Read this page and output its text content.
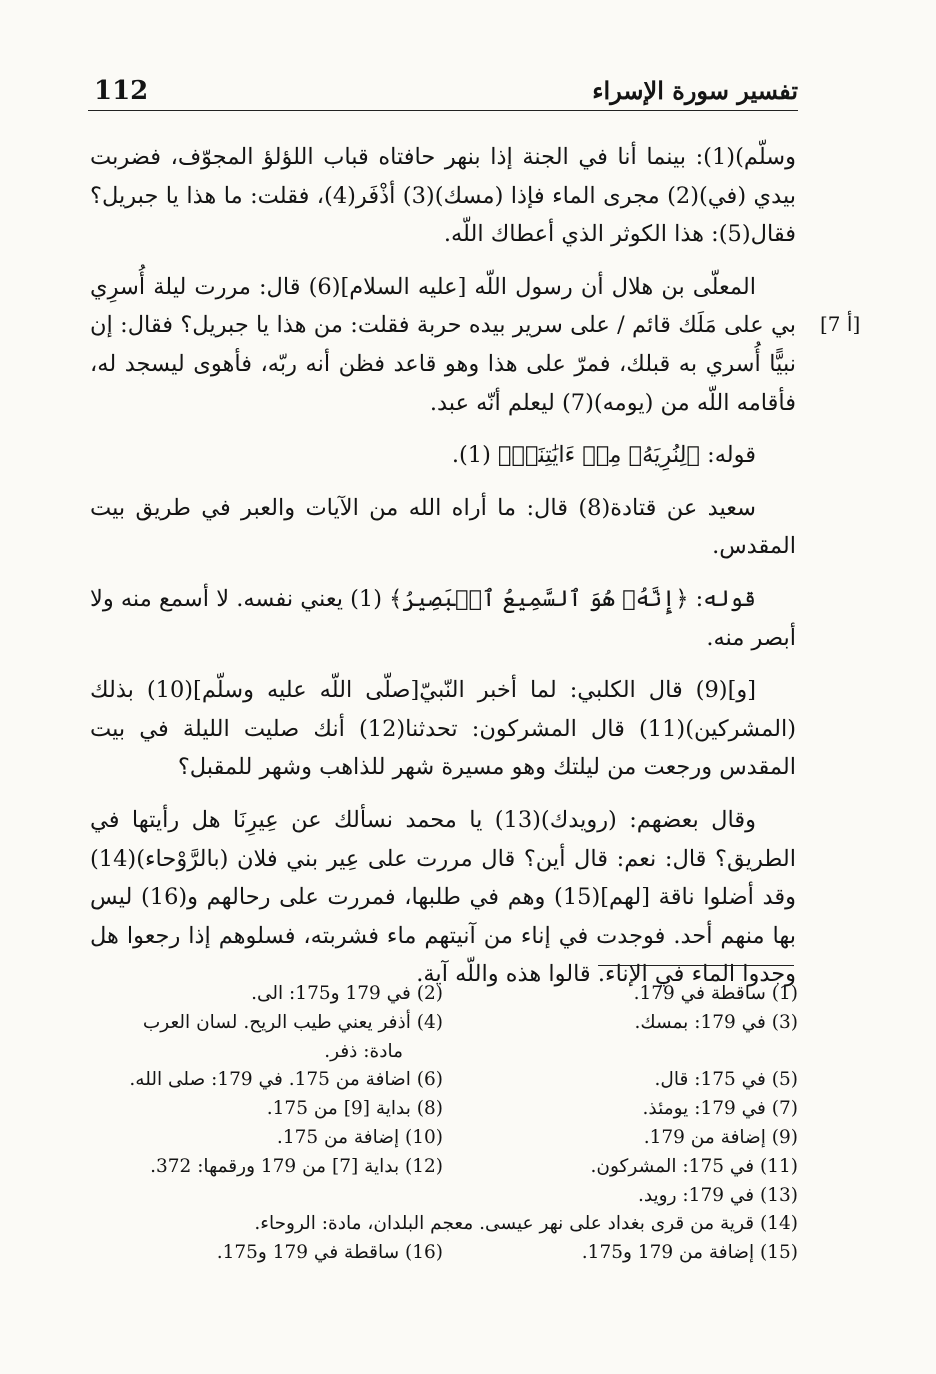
112	تفسير سورة الإسراء
[7 أ]

وسلّم)(1): بينما أنا في الجنة إذا بنهر حافتاه قباب اللؤلؤ المجوّف، فضربت بيدي (في)(2) مجرى الماء فإذا (مسك)(3) أذْفَر(4)، فقلت: ما هذا يا جبريل؟ فقال(5): هذا الكوثر الذي أعطاك اللّه.

المعلّى بن هلال أن رسول اللّه [عليه السلام](6) قال: مررت ليلة أُسرِي بي على مَلَك قائم / على سرير بيده حربة فقلت: من هذا يا جبريل؟ فقال: إن نبيًّا أُسري به قبلك، فمرّ على هذا وهو قاعد فظن أنه ربّه، فأهوى ليسجد له، فأقامه اللّه من (يومه)(7) ليعلم أنّه عبد.

قوله: ﴿لِنُرِيَهُۥ مِنۡ ءَايَٰتِنَآۚ﴾ (1).

سعيد عن قتادة(8) قال: ما أراه الله من الآيات والعبر في طريق بيت المقدس.

قوله: ﴿إِنَّهُۥ هُوَ ٱلسَّمِيعُ ٱلۡبَصِيرُ﴾ (1) يعني نفسه. لا أسمع منه ولا أبصر منه.

[و](9) قال الكلبي: لما أخبر النّبيّ[صلّى اللّه عليه وسلّم](10) بذلك (المشركين)(11) قال المشركون: تحدثنا(12) أنك صليت الليلة في بيت المقدس ورجعت من ليلتك وهو مسيرة شهر للذاهب وشهر للمقبل؟

وقال بعضهم: (رويدك)(13) يا محمد نسألك عن عِيرِنَا هل رأيتها في الطريق؟ قال: نعم: قال أين؟ قال مررت على عِير بني فلان (بالرَّوْحاء)(14) وقد أضلوا ناقة [لهم](15) وهم في طلبها، فمررت على رحالهم و(16) ليس بها منهم أحد. فوجدت في إناء من آنيتهم ماء فشربته، فسلوهم إذا رجعوا هل وجدوا الماء في الإناء. قالوا هذه واللّه آية.

(1) ساقطة في 179.
(2) في 179 و175: الى.
(3) في 179: بمسك.
(4) أذفر يعني طيب الريح. لسان العرب
مادة: ذفر.
(5) في 175: قال.
(6) اضافة من 175. في 179: صلى الله.
(7) في 179: يومئذ.
(8) بداية [9] من 175.
(9) إضافة من 179.
(10) إضافة من 175.
(11) في 175: المشركون.
(12) بداية [7] من 179 ورقمها: 372.
(13) في 179: رويد.
(14) قرية من قرى بغداد على نهر عيسى. معجم البلدان، مادة: الروحاء.
(15) إضافة من 179 و175.
(16) ساقطة في 179 و175.
